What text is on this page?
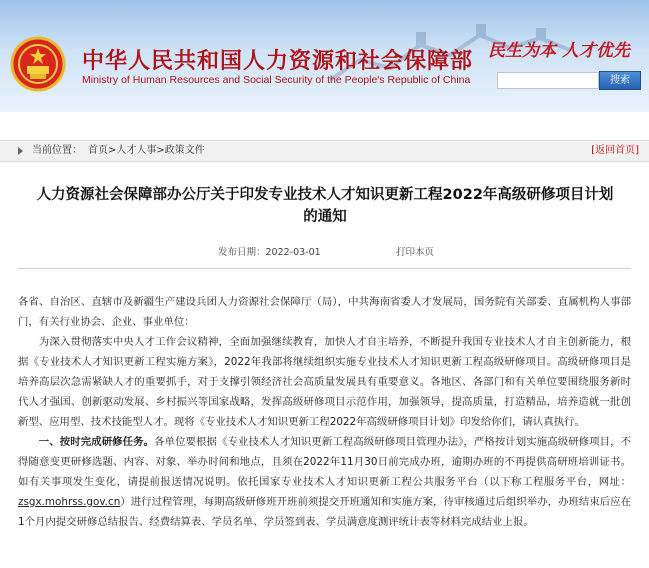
中华人民共和国人力资源和社会保障部
Ministry of Human Resources and Social Security of the People's Republic of China
民生为本 人才优先
搜索
当前位置： 首页>人才人事>政策文件	[返回首页]
人力资源社会保障部办公厅关于印发专业技术人才知识更新工程2022年高级研修项目计划的通知
发布日期：2022-03-01	打印本页

各省、自治区、直辖市及新疆生产建设兵团人力资源社会保障厅（局），中共海南省委人才发展局，国务院有关部委、直属机构人事部门，有关行业协会、企业、事业单位：

为深入贯彻落实中央人才工作会议精神，全面加强继续教育，加快人才自主培养，不断提升我国专业技术人才自主创新能力，根据《专业技术人才知识更新工程实施方案》，2022年我部将继续组织实施专业技术人才知识更新工程高级研修项目。高级研修项目是培养高层次急需紧缺人才的重要抓手，对于支撑引领经济社会高质量发展具有重要意义。各地区、各部门和有关单位要围绕服务新时代人才强国、创新驱动发展、乡村振兴等国家战略，发挥高级研修项目示范作用，加强领导，提高质量，打造精品，培养造就一批创新型、应用型、技术技能型人才。现将《专业技术人才知识更新工程2022年高级研修项目计划》印发给你们，请认真执行。

一、按时完成研修任务。各单位要根据《专业技术人才知识更新工程高级研修项目管理办法》，严格按计划实施高级研修项目，不得随意变更研修选题、内容、对象、举办时间和地点，且须在2022年11月30日前完成办班，逾期办班的不再提供高研班培训证书。如有关事项发生变化，请提前报送情况说明。依托国家专业技术人才知识更新工程公共服务平台（以下称工程服务平台，网址：zsgx.mohrss.gov.cn）进行过程管理，每期高级研修班开班前须提交开班通知和实施方案，待审核通过后组织举办，办班结束后应在1个月内提交研修总结报告、经费结算表、学员名单、学员签到表、学员满意度测评统计表等材料完成结业上报。
